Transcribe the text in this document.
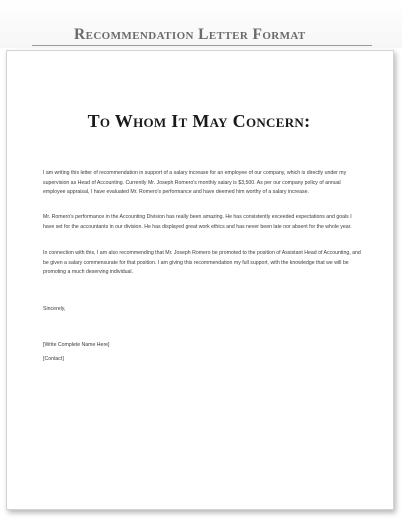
Recommendation Letter Format
To Whom It May Concern:

I am writing this letter of recommendation in support of a salary increase for an employee of our company, which is directly under my supervision as Head of Accounting. Currently Mr. Joseph Romero's monthly salary is $3,500. As per our company policy of annual employee appraisal, I have evaluated Mr. Romero's performance and have deemed him worthy of a salary increase.

Mr. Romero's performance in the Accounting Division has really been amazing. He has consistently exceeded expectations and goals I have set for the accountants in our division. He has displayed great work ethics and has never been late nor absent for the whole year.

In connection with this, I am also recommending that Mr. Joseph Romero be promoted to the position of Assistant Head of Accounting, and be given a salary commensurate for that position. I am giving this recommendation my full support, with the knowledge that we will be promoting a much deserving individual.

Sincerely,
[Write Complete Name Here]
[Contact]
